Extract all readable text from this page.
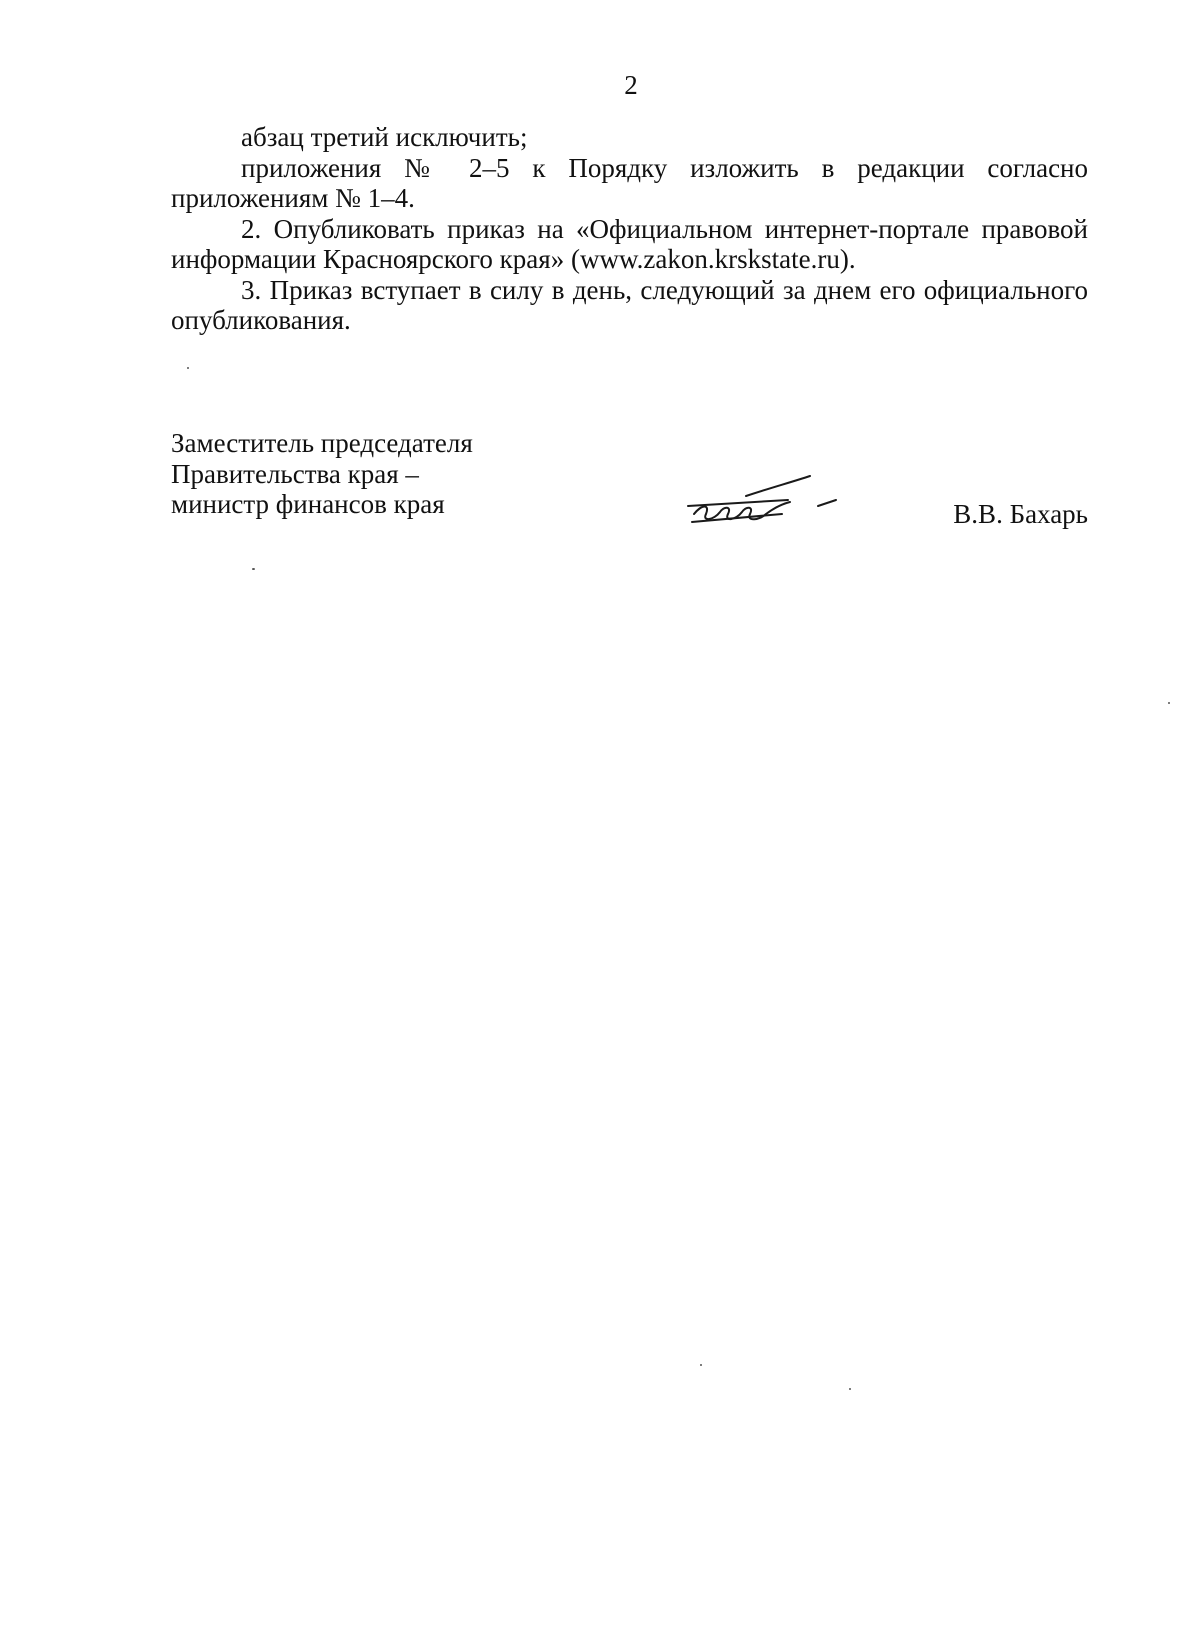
2

абзац третий исключить;

приложения № 2–5 к Порядку изложить в редакции согласно приложениям № 1–4.

2. Опубликовать приказ на «Официальном интернет-портале правовой информации Красноярского края» (www.zakon.krskstate.ru).

3. Приказ вступает в силу в день, следующий за днем его официального опубликования.

Заместитель председателя
Правительства края –
министр финансов края	В.В. Бахарь
